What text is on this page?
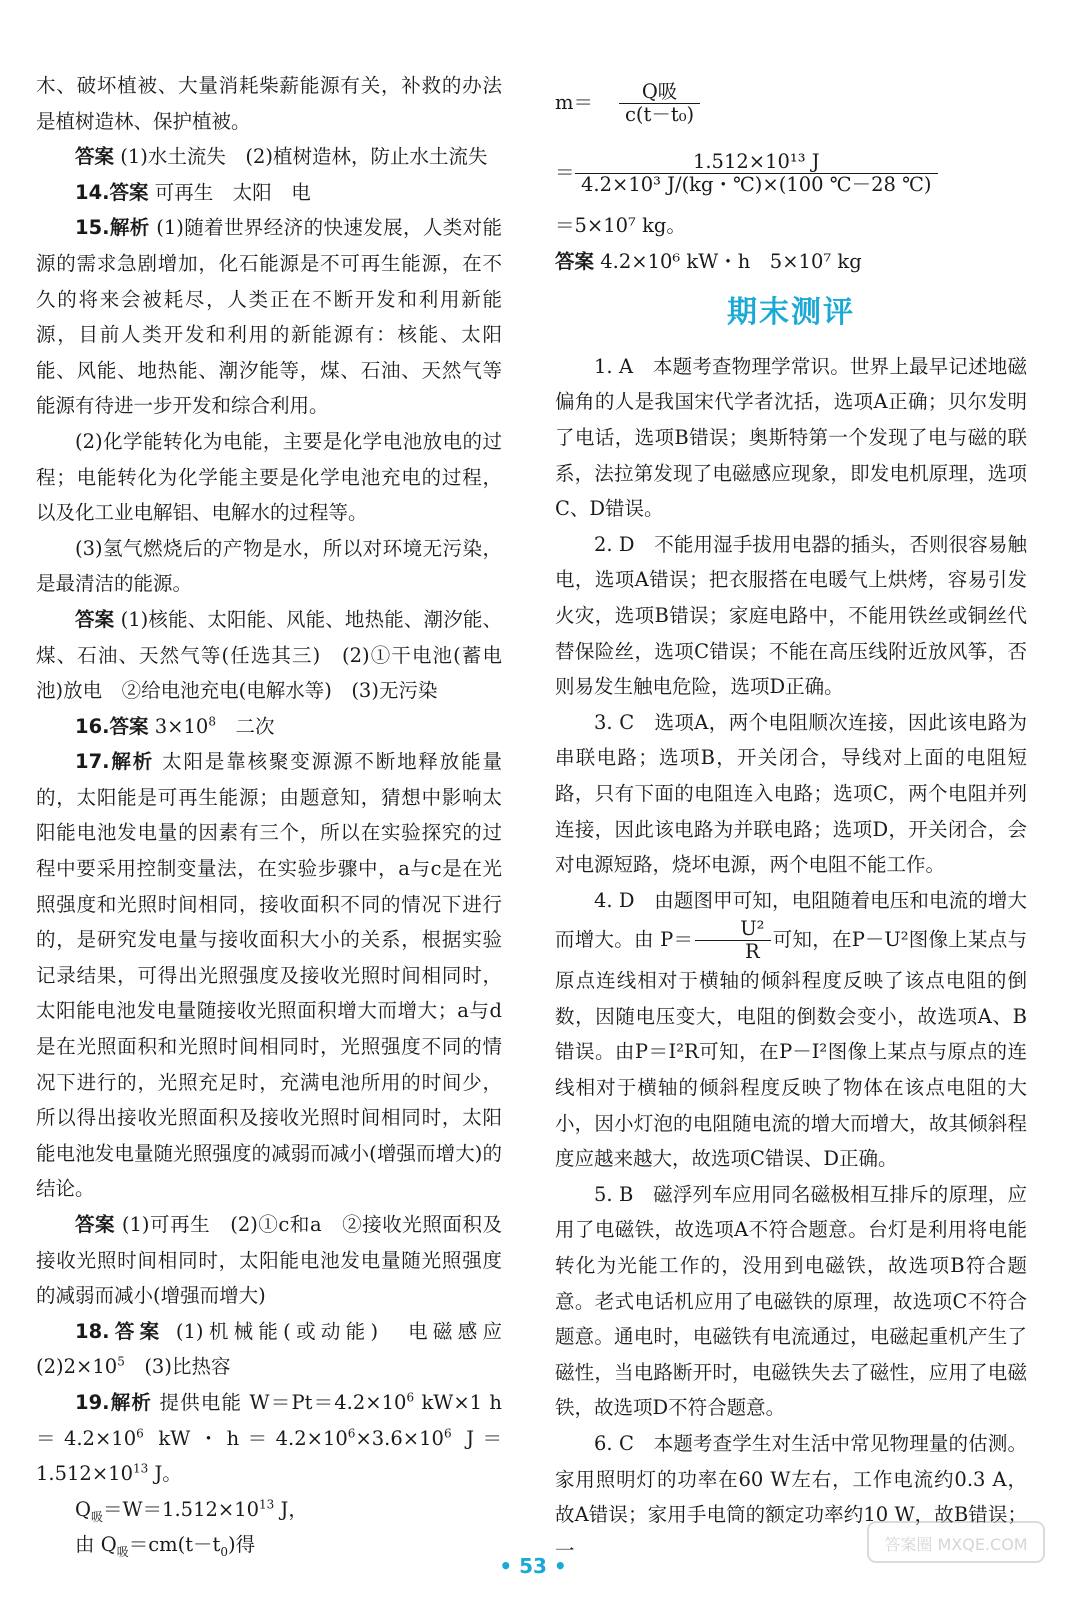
木、破坏植被、大量消耗柴薪能源有关，补救的办法是植树造林、保护植被。

答案 (1)水土流失　(2)植树造林，防止水土流失

14.答案 可再生　太阳　电

15.解析 (1)随着世界经济的快速发展，人类对能源的需求急剧增加，化石能源是不可再生能源，在不久的将来会被耗尽，人类正在不断开发和利用新能源，目前人类开发和利用的新能源有：核能、太阳能、风能、地热能、潮汐能等，煤、石油、天然气等能源有待进一步开发和综合利用。

(2)化学能转化为电能，主要是化学电池放电的过程；电能转化为化学能主要是化学电池充电的过程，以及化工业电解铝、电解水的过程等。

(3)氢气燃烧后的产物是水，所以对环境无污染，是最清洁的能源。

答案 (1)核能、太阳能、风能、地热能、潮汐能、煤、石油、天然气等(任选其三)　(2)①干电池(蓄电池)放电　②给电池充电(电解水等)　(3)无污染

16.答案 $3\times 10^8$　二次

17.解析 太阳是靠核聚变源源不断地释放能量的，太阳能是可再生能源；由题意知，猜想中影响太阳能电池发电量的因素有三个，所以在实验探究的过程中要采用控制变量法，在实验步骤中，a与c是在光照强度和光照时间相同，接收面积不同的情况下进行的，是研究发电量与接收面积大小的关系，根据实验记录结果，可得出光照强度及接收光照时间相同时，太阳能电池发电量随接收光照面积增大而增大；a与d是在光照面积和光照时间相同时，光照强度不同的情况下进行的，光照充足时，充满电池所用的时间少，所以得出接收光照面积及接收光照时间相同时，太阳能电池发电量随光照强度的减弱而减小(增强而增大)的结论。

答案 (1)可再生　(2)①c和a　②接收光照面积及接收光照时间相同时，太阳能电池发电量随光照强度的减弱而减小(增强而增大)

18.答案 (1)机械能(或动能)　电磁感应　$(2)2\times 10^5$　(3)比热容

19.解析 提供电能 $W=Pt=4.2\times 10^6$ kW×1 $h=4.2\times 10^6$ kW・$h=4.2\times 10^6\times 3.6\times 10^6$ $J=1.512\times 10^{13}$ J。

$Q_吸=W=1.512\times 10^{13}$ J，

由 $Q_吸=cm(t-t_0)$得

m＝	$\frac{\text{Q吸}}{\text{c(t－t₀)}}$
＝ $\frac{\text{1.512×10¹³ J}}{\text{4.2×10³ J/(kg・℃)×(100 ℃－28 ℃)}}$

＝5×10⁷ kg。

答案 4.2×10⁶ kW・h　5×10⁷ kg

期末测评

1. A　本题考查物理学常识。世界上最早记述地磁偏角的人是我国宋代学者沈括，选项A正确；贝尔发明了电话，选项B错误；奥斯特第一个发现了电与磁的联系，法拉第发现了电磁感应现象，即发电机原理，选项C、D错误。

2. D　不能用湿手拔用电器的插头，否则很容易触电，选项A错误；把衣服搭在电暖气上烘烤，容易引发火灾，选项B错误；家庭电路中，不能用铁丝或铜丝代替保险丝，选项C错误；不能在高压线附近放风筝，否则易发生触电危险，选项D正确。

3. C　选项A，两个电阻顺次连接，因此该电路为串联电路；选项B，开关闭合，导线对上面的电阻短路，只有下面的电阻连入电路；选项C，两个电阻并列连接，因此该电路为并联电路；选项D，开关闭合，会对电源短路，烧坏电源，两个电阻不能工作。

4. D　由题图甲可知，电阻随着电压和电流的增大而增大。由 $P= \frac{\text{U²}}{R}$ 可知，在P－U²图像上某点与原点连线相对于横轴的倾斜程度反映了该点电阻的倒数，因随电压变大，电阻的倒数会变小，故选项A、B错误。由P＝I²R可知，在P－I²图像上某点与原点的连线相对于横轴的倾斜程度反映了物体在该点电阻的大小，因小灯泡的电阻随电流的增大而增大，故其倾斜程度应越来越大，故选项C错误、D正确。

5. B　磁浮列车应用同名磁极相互排斥的原理，应用了电磁铁，故选项A不符合题意。台灯是利用将电能转化为光能工作的，没用到电磁铁，故选项B符合题意。老式电话机应用了电磁铁的原理，故选项C不符合题意。通电时，电磁铁有电流通过，电磁起重机产生了磁性，当电路断开时，电磁铁失去了磁性，应用了电磁铁，故选项D不符合题意。

6. C　本题考查学生对生活中常见物理量的估测。家用照明灯的功率在60 W左右，工作电流约0.3 A，故A错误；家用手电筒的额定功率约10 W，故B错误；一

• 53 •
答案圈 MXQE.COM
